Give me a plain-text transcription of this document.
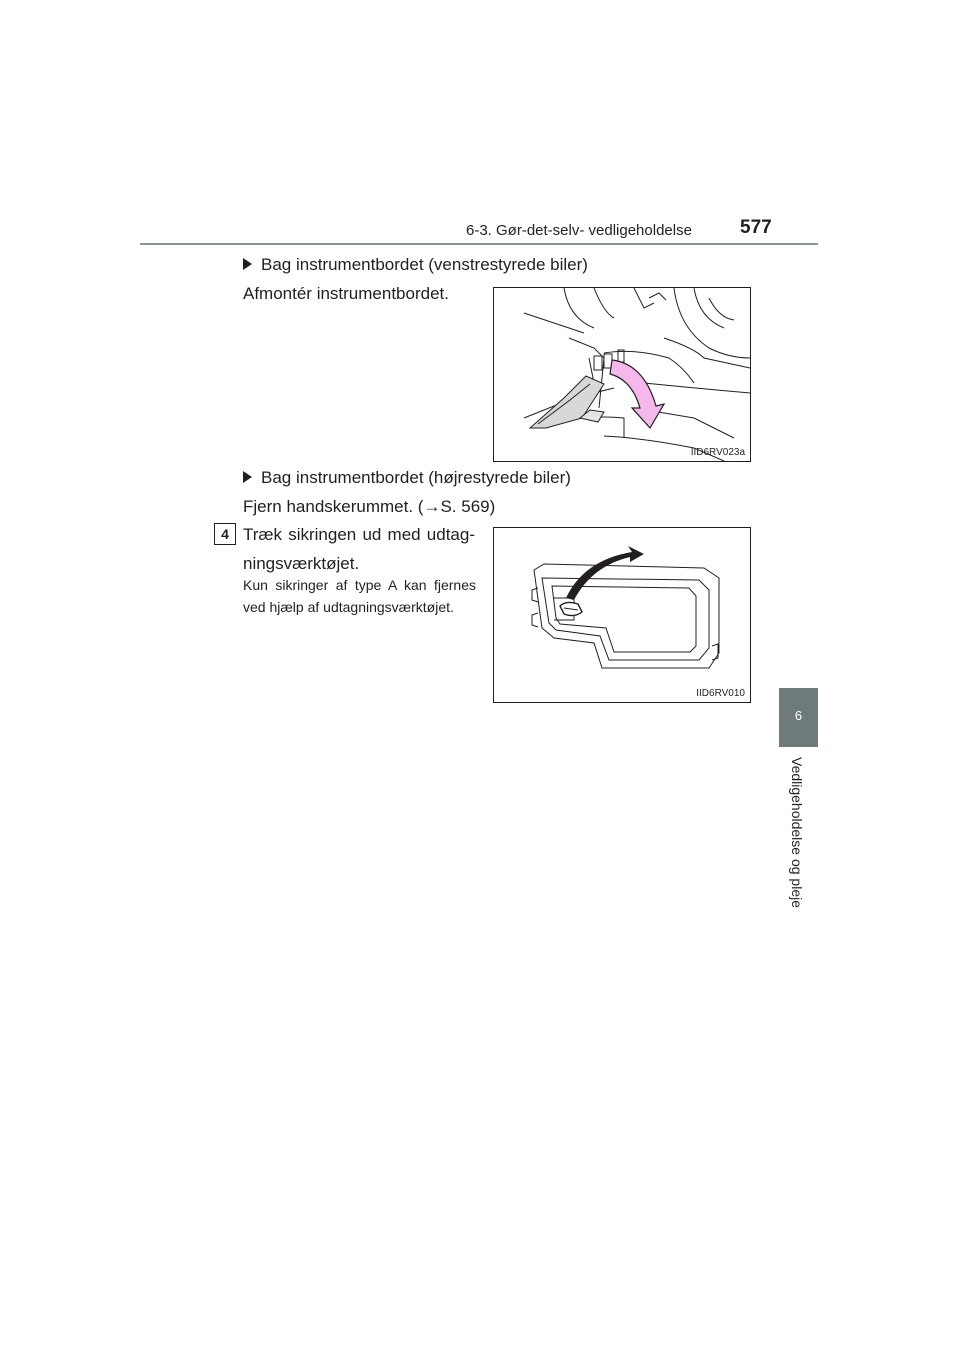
6-3. Gør-det-selv- vedligeholdelse	577
6
Vedligeholdelse og pleje
Bag instrumentbordet (venstrestyrede biler)
Afmontér instrumentbordet.
Bag instrumentbordet (højrestyrede biler)
Fjern handskerummet. (→S. 569)
4 Træk sikringen ud med udtag-ningsværktøjet.
Kun sikringer af type A kan fjernes ved hjælp af udtagningsværktøjet.
IID6RV023a
IID6RV010
